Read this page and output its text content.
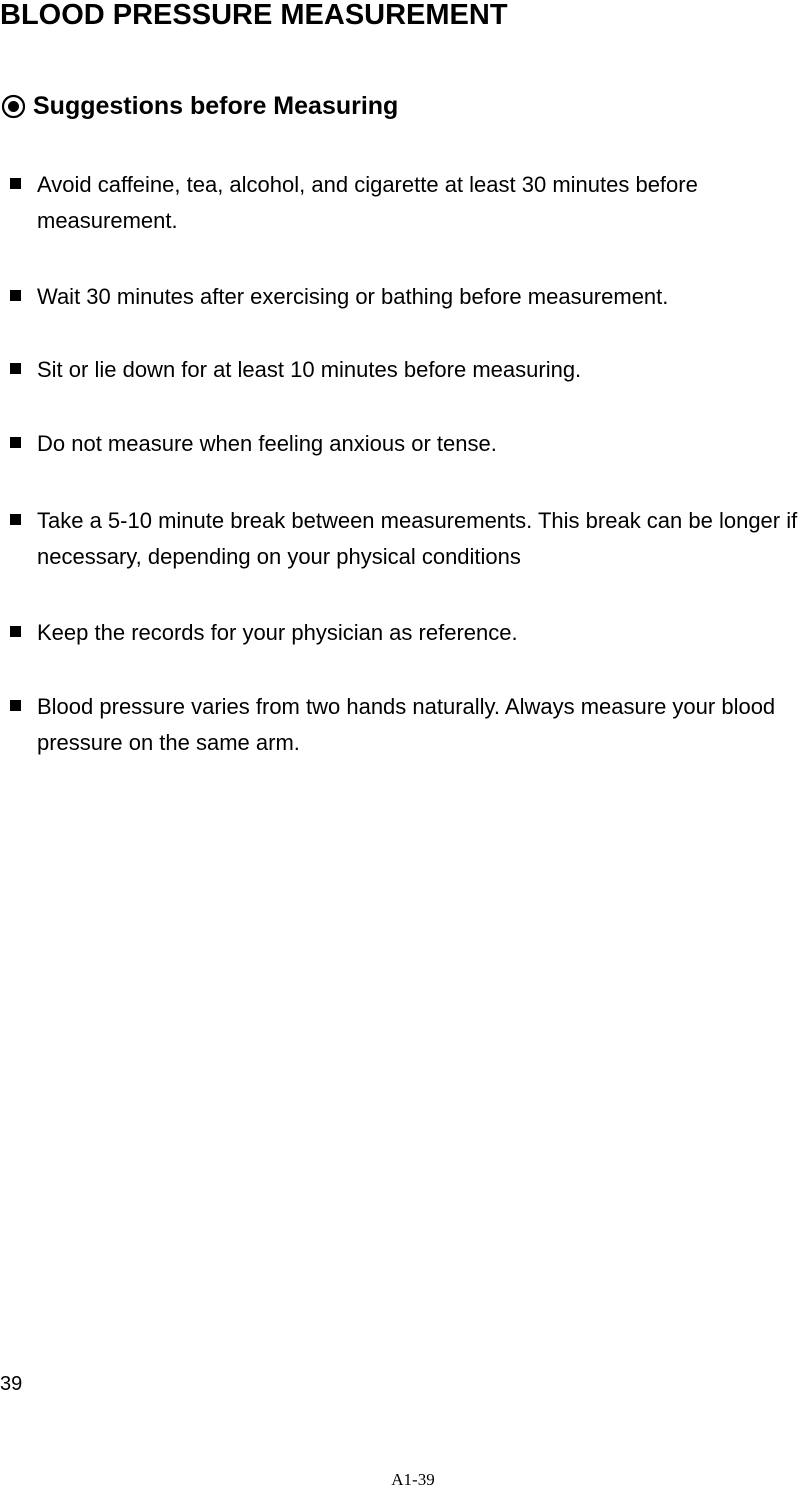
BLOOD PRESSURE MEASUREMENT
Suggestions before Measuring
Avoid caffeine, tea, alcohol, and cigarette at least 30 minutes before measurement.
Wait 30 minutes after exercising or bathing before measurement.
Sit or lie down for at least 10 minutes before measuring.
Do not measure when feeling anxious or tense.
Take a 5-10 minute break between measurements. This break can be longer if necessary, depending on your physical conditions
Keep the records for your physician as reference.
Blood pressure varies from two hands naturally. Always measure your blood pressure on the same arm.
39
A1-39
